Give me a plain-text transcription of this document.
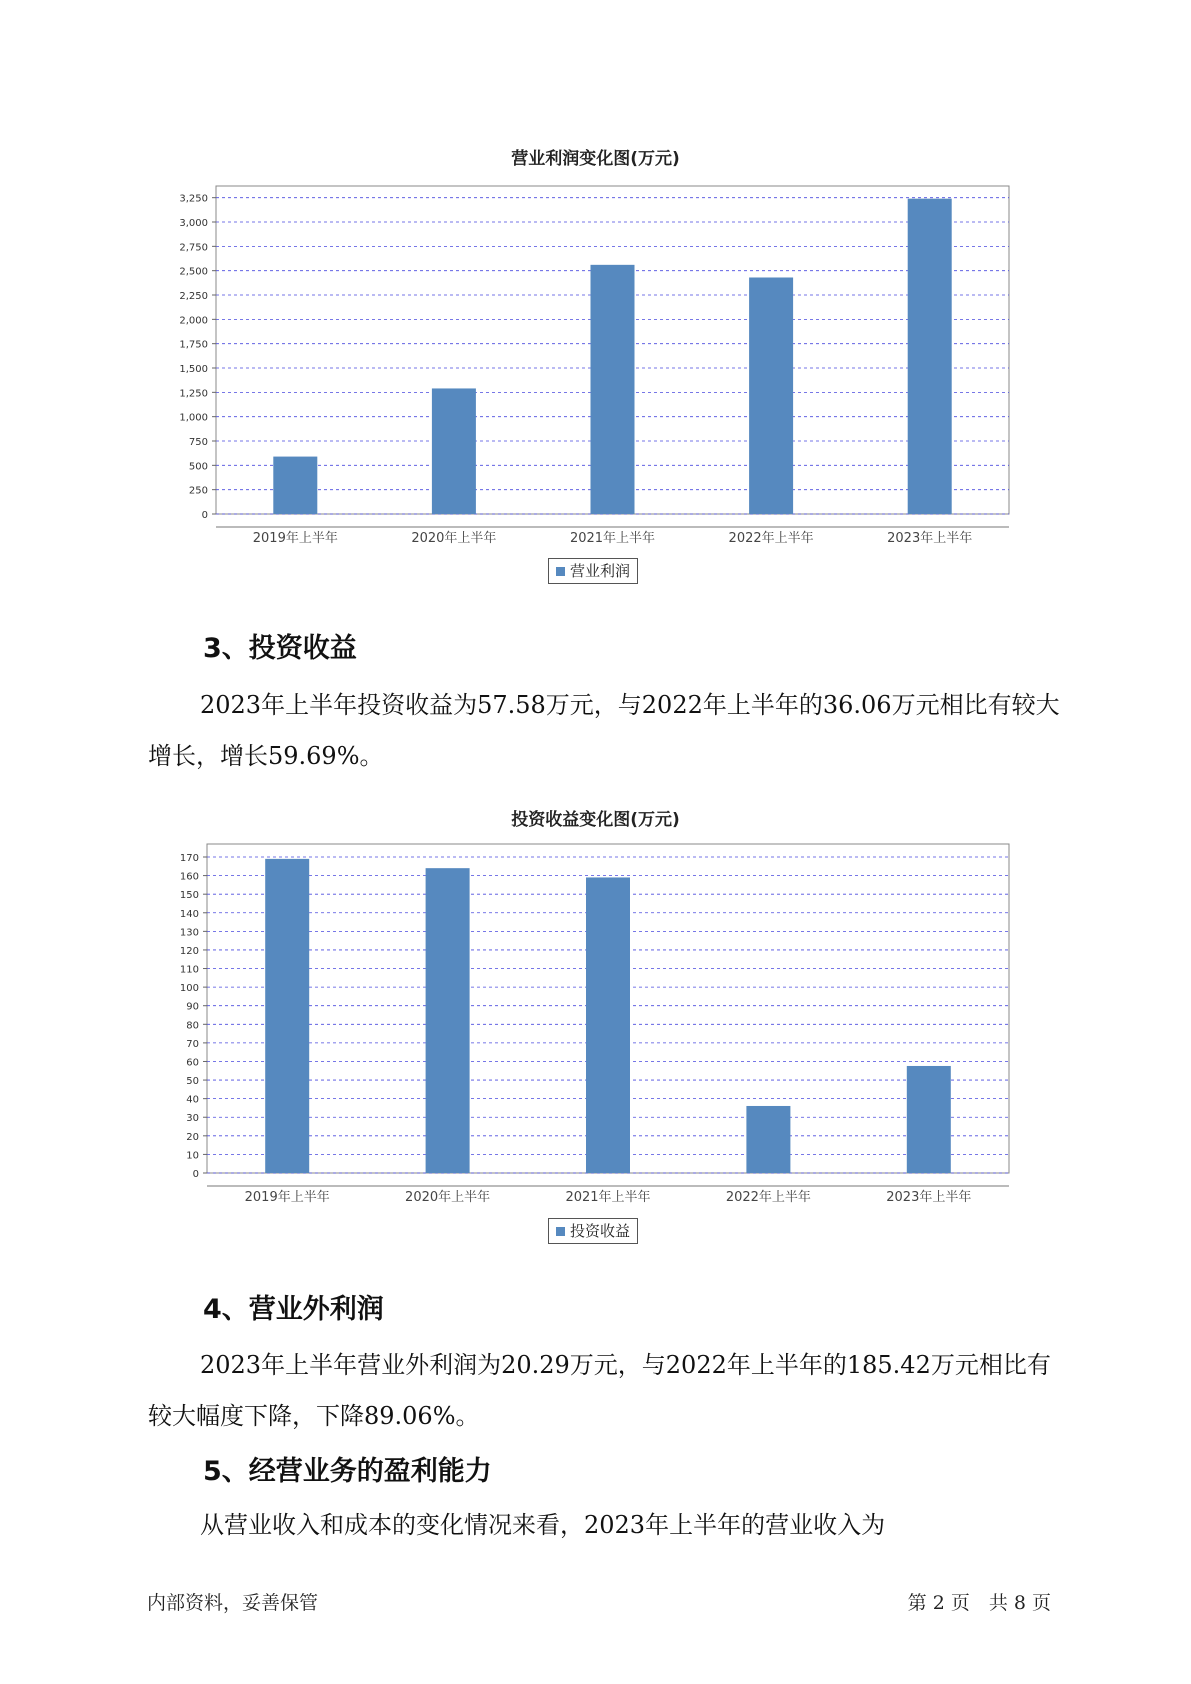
营业利润变化图(万元)
0
250
500
750
1,000
1,250
1,500
1,750
2,000
2,250
2,500
2,750
3,000
3,250
2019年上半年	2020年上半年	2021年上半年	2022年上半年	2023年上半年
营业利润
3、投资收益
2023年上半年投资收益为57.58万元，与2022年上半年的36.06万元相比有较大增长，增长59.69%。
投资收益变化图(万元)
0
10
20
30
40
50
60
70
80
90
100
110
120
130
140
150
160
170
2019年上半年	2020年上半年	2021年上半年	2022年上半年	2023年上半年
投资收益
4、营业外利润
2023年上半年营业外利润为20.29万元，与2022年上半年的185.42万元相比有较大幅度下降，下降89.06%。
5、经营业务的盈利能力
从营业收入和成本的变化情况来看，2023年上半年的营业收入为
内部资料，妥善保管	第 2 页　共 8 页
